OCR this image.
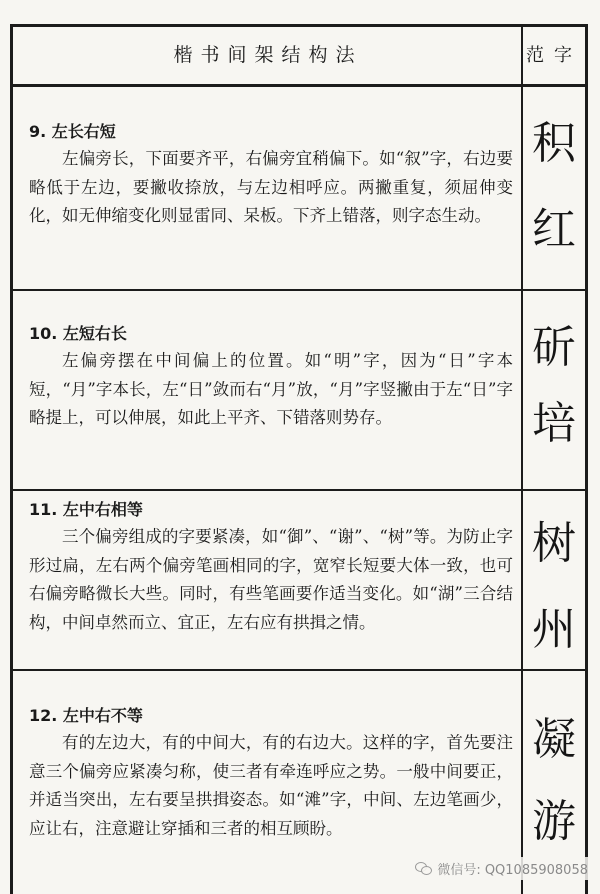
楷书间架结构法	范字

9. 左长右短

左偏旁长，下面要齐平，右偏旁宜稍偏下。如“叙”字，右边要略低于左边，要撇收捺放，与左边相呼应。两撇重复，须屈伸变化，如无伸缩变化则显雷同、呆板。下齐上错落，则字态生动。

积
红

10. 左短右长

左偏旁摆在中间偏上的位置。如“明”字，因为“日”字本短，“月”字本长，左“日”敛而右“月”放，“月”字竖撇由于左“日”字略提上，可以伸展，如此上平齐、下错落则势存。

斫
培

11. 左中右相等

三个偏旁组成的字要紧凑，如“御”、“谢”、“树”等。为防止字形过扁，左右两个偏旁笔画相同的字，宽窄长短要大体一致，也可右偏旁略微长大些。同时，有些笔画要作适当变化。如“湖”三合结构，中间卓然而立、宜正，左右应有拱揖之情。

树
州

12. 左中右不等

有的左边大，有的中间大，有的右边大。这样的字，首先要注意三个偏旁应紧凑匀称，使三者有牵连呼应之势。一般中间要正，并适当突出，左右要呈拱揖姿态。如“滩”字，中间、左边笔画少，应让右，注意避让穿插和三者的相互顾盼。

凝
游
微信号: QQ1085908058
